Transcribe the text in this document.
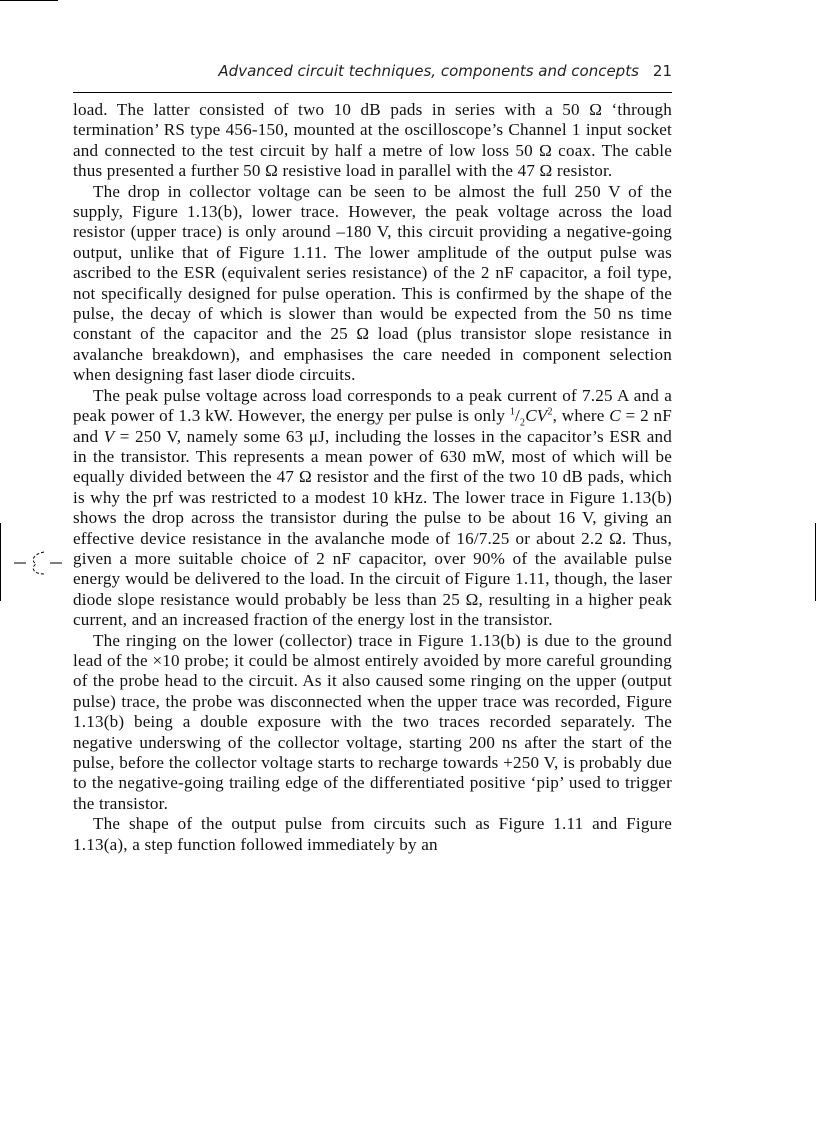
Advanced circuit techniques, components and concepts 21

load. The latter consisted of two 10 dB pads in series with a 50 Ω ‘through termination’ RS type 456-150, mounted at the oscilloscope’s Channel 1 input socket and connected to the test circuit by half a metre of low loss 50 Ω coax. The cable thus presented a further 50 Ω resistive load in parallel with the 47 Ω resistor.

The drop in collector voltage can be seen to be almost the full 250 V of the supply, Figure 1.13(b), lower trace. However, the peak voltage across the load resistor (upper trace) is only around –180 V, this circuit providing a negative-going output, unlike that of Figure 1.11. The lower amplitude of the output pulse was ascribed to the ESR (equivalent series resistance) of the 2 nF capacitor, a foil type, not specifically designed for pulse operation. This is confirmed by the shape of the pulse, the decay of which is slower than would be expected from the 50 ns time constant of the capacitor and the 25 Ω load (plus transistor slope resistance in avalanche breakdown), and emphasises the care needed in component selection when designing fast laser diode circuits.

The peak pulse voltage across load corresponds to a peak current of 7.25 A and a peak power of 1.3 kW. However, the energy per pulse is only $^1/_2CV^2$, where C = 2 nF and V = 250 V, namely some 63 μJ, including the losses in the capacitor’s ESR and in the transistor. This represents a mean power of 630 mW, most of which will be equally divided between the 47 Ω resistor and the first of the two 10 dB pads, which is why the prf was restricted to a modest 10 kHz. The lower trace in Figure 1.13(b) shows the drop across the transistor during the pulse to be about 16 V, giving an effective device resistance in the avalanche mode of 16/7.25 or about 2.2 Ω. Thus, given a more suitable choice of 2 nF capacitor, over 90% of the available pulse energy would be delivered to the load. In the circuit of Figure 1.11, though, the laser diode slope resistance would probably be less than 25 Ω, resulting in a higher peak current, and an increased fraction of the energy lost in the transistor.

The ringing on the lower (collector) trace in Figure 1.13(b) is due to the ground lead of the ×10 probe; it could be almost entirely avoided by more careful grounding of the probe head to the circuit. As it also caused some ringing on the upper (output pulse) trace, the probe was disconnected when the upper trace was recorded, Figure 1.13(b) being a double exposure with the two traces recorded separately. The negative underswing of the collector voltage, starting 200 ns after the start of the pulse, before the collector voltage starts to recharge towards +250 V, is probably due to the negative-going trailing edge of the differentiated positive ‘pip’ used to trigger the transistor.

The shape of the output pulse from circuits such as Figure 1.11 and Figure 1.13(a), a step function followed immediately by an
